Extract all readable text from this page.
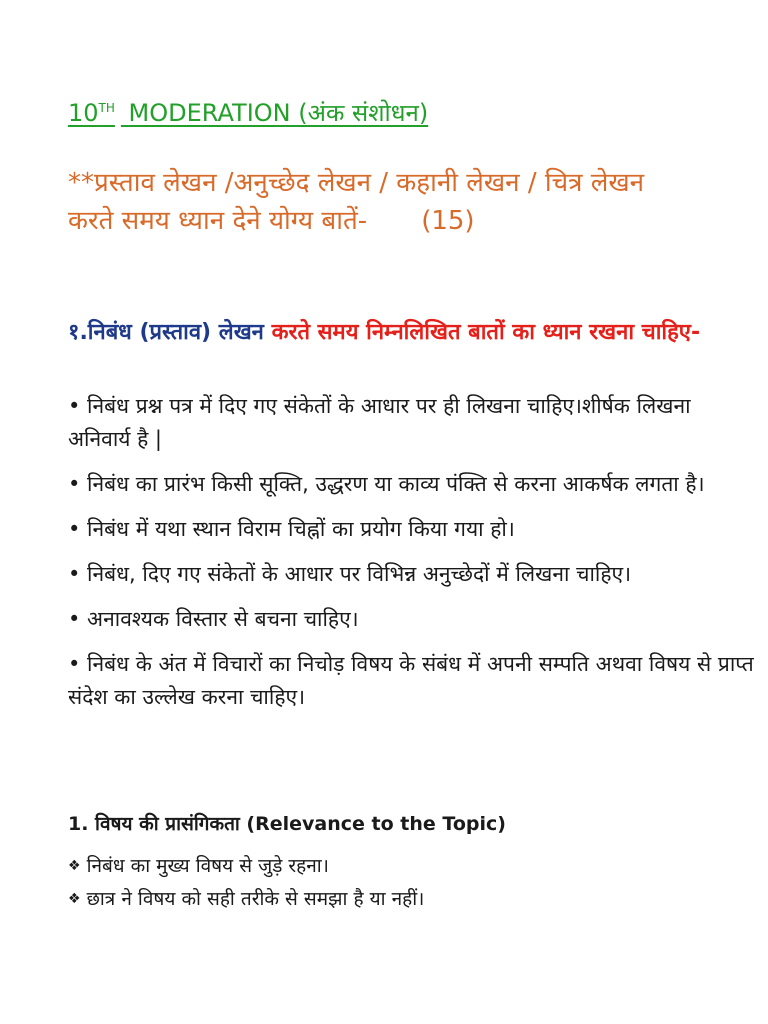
10TH MODERATION (अंक संशोधन)
**प्रस्ताव लेखन /अनुच्छेद लेखन / कहानी लेखन / चित्र लेखन
करते समय ध्यान देने योग्य बातें- (15)
१.निबंध (प्रस्ताव) लेखन करते समय निम्नलिखित बातों का ध्यान रखना चाहिए-
• निबंध प्रश्न पत्र में दिए गए संकेतों के आधार पर ही लिखना चाहिए।शीर्षक लिखना अनिवार्य है |
• निबंध का प्रारंभ किसी सूक्ति, उद्धरण या काव्य पंक्ति से करना आकर्षक लगता है।
• निबंध में यथा स्थान विराम चिह्नों का प्रयोग किया गया हो।
• निबंध, दिए गए संकेतों के आधार पर विभिन्न अनुच्छेदों में लिखना चाहिए।
• अनावश्यक विस्तार से बचना चाहिए।
• निबंध के अंत में विचारों का निचोड़ विषय के संबंध में अपनी सम्पति अथवा विषय से प्राप्त संदेश का उल्लेख करना चाहिए।
1. विषय की प्रासंगिकता (Relevance to the Topic)
❖ निबंध का मुख्य विषय से जुड़े रहना।
❖ छात्र ने विषय को सही तरीके से समझा है या नहीं।
